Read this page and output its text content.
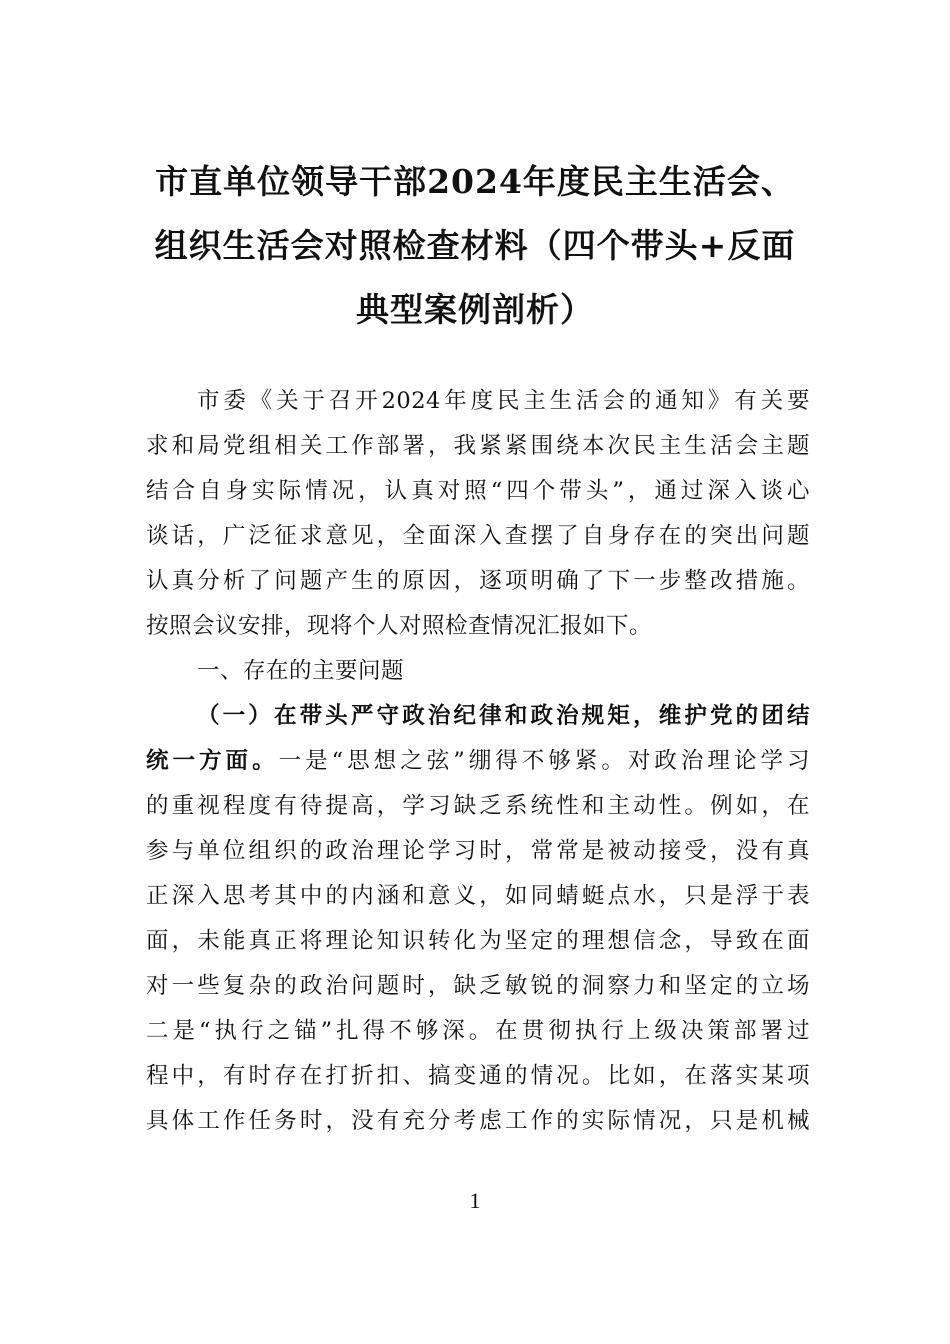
市直单位领导干部2024年度民主生活会、
组织生活会对照检查材料（四个带头+反面
典型案例剖析）
市委《关于召开2024年度民主生活会的通知》有关要
求和局党组相关工作部署，我紧紧围绕本次民主生活会主题
结合自身实际情况，认真对照“四个带头”，通过深入谈心
谈话，广泛征求意见，全面深入查摆了自身存在的突出问题
认真分析了问题产生的原因，逐项明确了下一步整改措施。
按照会议安排，现将个人对照检查情况汇报如下。
一、存在的主要问题
（一）在带头严守政治纪律和政治规矩，维护党的团结
统一方面。一是“思想之弦”绷得不够紧。对政治理论学习
的重视程度有待提高，学习缺乏系统性和主动性。例如，在
参与单位组织的政治理论学习时，常常是被动接受，没有真
正深入思考其中的内涵和意义，如同蜻蜓点水，只是浮于表
面，未能真正将理论知识转化为坚定的理想信念，导致在面
对一些复杂的政治问题时，缺乏敏锐的洞察力和坚定的立场
二是“执行之锚”扎得不够深。在贯彻执行上级决策部署过
程中，有时存在打折扣、搞变通的情况。比如，在落实某项
具体工作任务时，没有充分考虑工作的实际情况，只是机械
1
